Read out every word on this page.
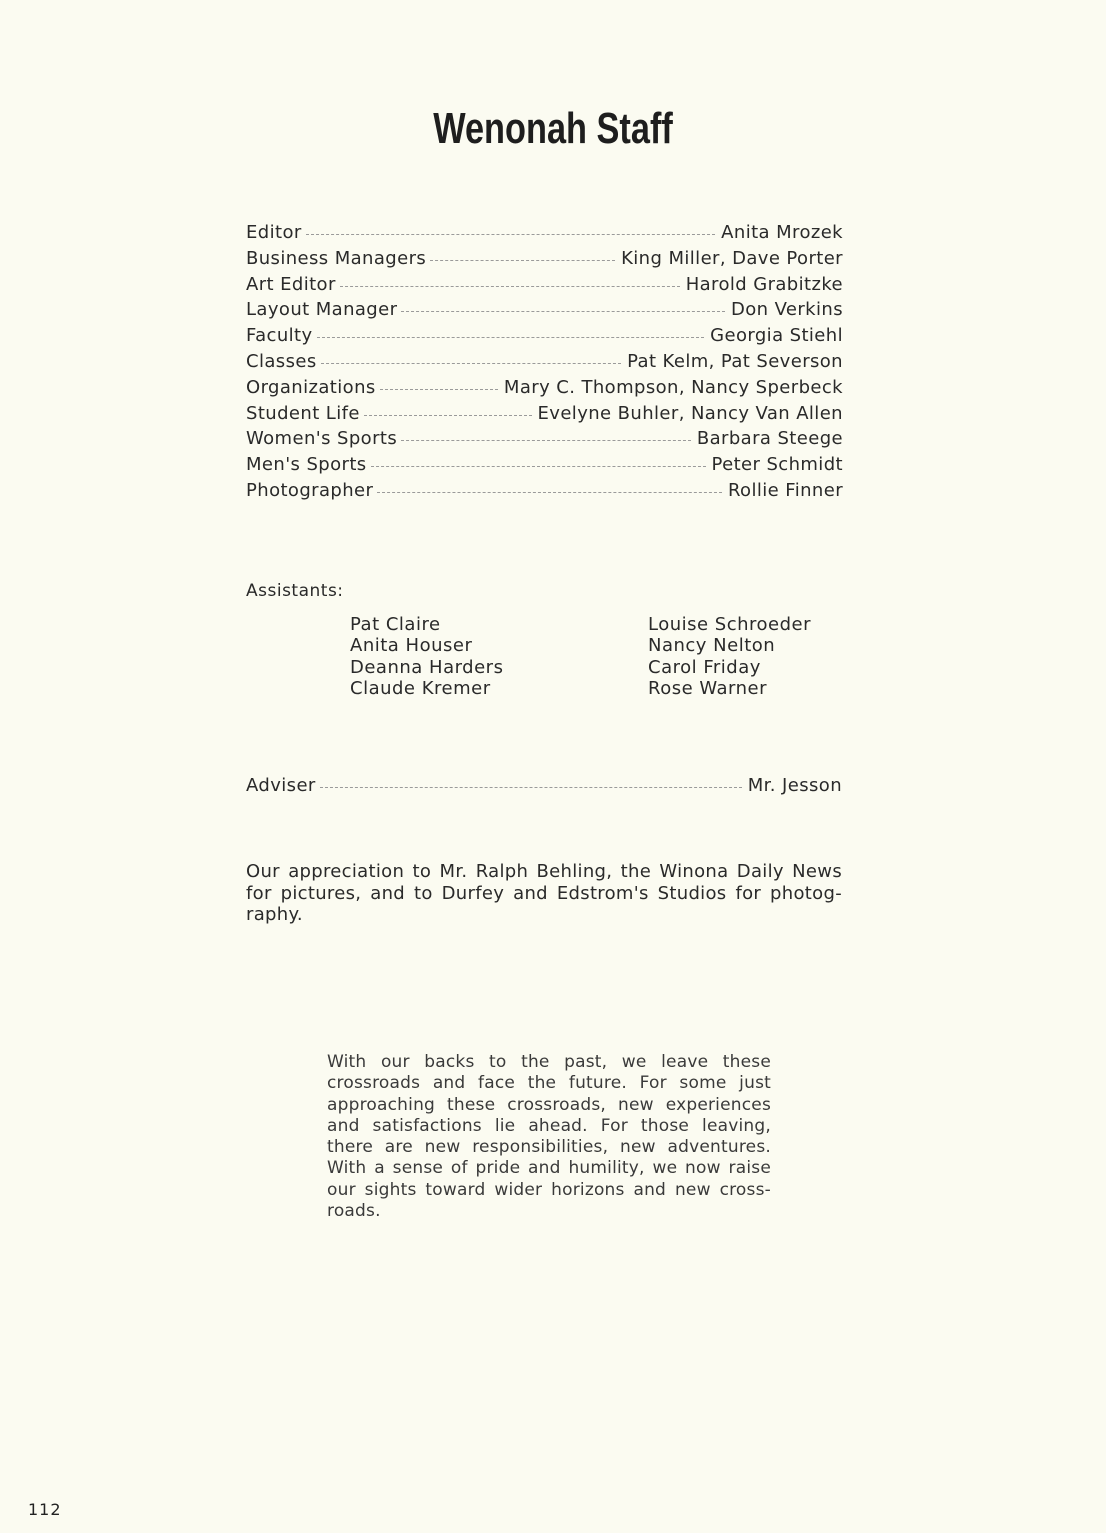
Wenonah Staff
Editor	Anita Mrozek
Business Managers	King Miller, Dave Porter
Art Editor	Harold Grabitzke
Layout Manager	Don Verkins
Faculty	Georgia Stiehl
Classes	Pat Kelm, Pat Severson
Organizations	Mary C. Thompson, Nancy Sperbeck
Student Life	Evelyne Buhler, Nancy Van Allen
Women's Sports	Barbara Steege
Men's Sports	Peter Schmidt
Photographer	Rollie Finner
Assistants:
Pat Claire
Anita Houser
Deanna Harders
Claude Kremer
Louise Schroeder
Nancy Nelton
Carol Friday
Rose Warner
Adviser	Mr. Jesson
Our appreciation to Mr. Ralph Behling, the Winona Daily News for pictures, and to Durfey and Edstrom's Studios for photog-raphy.
With our backs to the past, we leave these crossroads and face the future. For some just approaching these crossroads, new experiences and satisfactions lie ahead. For those leaving, there are new responsibilities, new adventures. With a sense of pride and humility, we now raise our sights toward wider horizons and new cross-roads.
112
